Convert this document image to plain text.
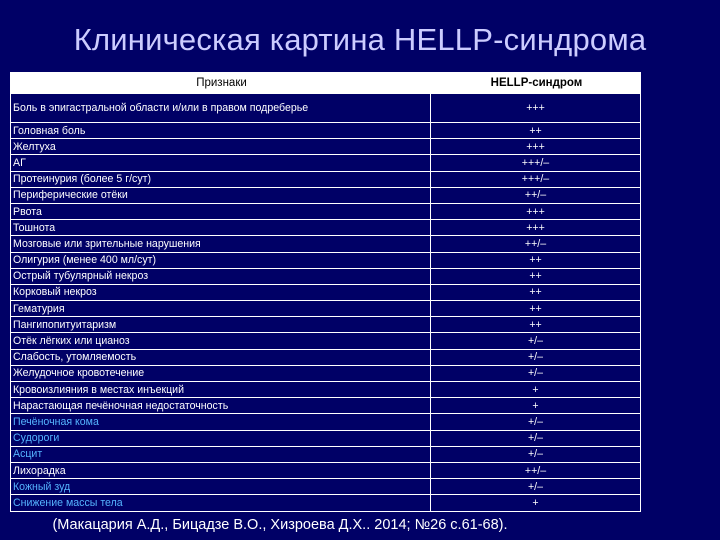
Клиническая картина HELLP-синдрома
Признаки	HELLP-синдром
Боль в эпигастральной области и/или в правом подреберье	+++
Головная боль	++
Желтуха	+++
АГ	+++/–
Протеинурия (более 5 г/сут)	+++/–
Периферические отёки	++/–
Рвота	+++
Тошнота	+++
Мозговые или зрительные нарушения	++/–
Олигурия (менее 400 мл/сут)	++
Острый тубулярный некроз	++
Корковый некроз	++
Гематурия	++
Пангипопитуитаризм	++
Отёк лёгких или цианоз	+/–
Слабость, утомляемость	+/–
Желудочное кровотечение	+/–
Кровоизлияния в местах инъекций	+
Нарастающая печёночная недостаточность	+
Печёночная кома	+/–
Судороги	+/–
Асцит	+/–
Лихорадка	++/–
Кожный зуд	+/–
Снижение массы тела	+
(Макацария А.Д., Бицадзе В.О., Хизроева Д.Х.. 2014; №26 с.61-68).
